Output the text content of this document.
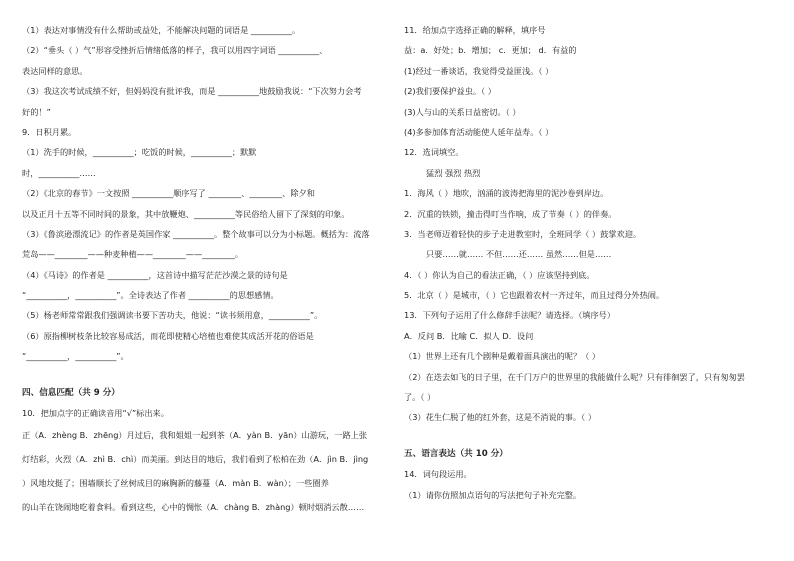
（1）表达对事情没有什么帮助或益处，不能解决问题的词语是 __________。
（2）“垂头（ ）气”形容受挫折后情绪低落的样子，我可以用四字词语 __________、
表达同样的意思。
（3）我这次考试成绩不好，但妈妈没有批评我，而是 __________地鼓励我说：“下次努力会考
好的！”
9．日积月累。
（1）洗手的时候，__________；吃饭的时候，__________；默默
时，__________……
（2）《北京的春节》一文按照 __________顺序写了 ________、________、除夕和
以及正月十五等不同时间的景象，其中放鞭炮、__________等民俗给人留下了深刻的印象。
（3）《鲁滨逊漂流记》的作者是英国作家 __________。整个故事可以分为小标题。概括为：流落
荒岛——________——种麦种植——________——________。
（4）《马诗》的作者是 __________，这首诗中描写茫茫沙漠之景的诗句是
“__________，__________”。全诗表达了作者 __________的思想感情。
（5）杨老师常常跟我们强调读书要下苦功夫，他说：“读书须用意，__________”。
（6）原指柳树枝条比较容易成活，而花即使精心培植也难使其成活开花的俗语是
“__________，__________”。
四、信息匹配（共 9 分）
10．把加点字的正确读音用“√”标出来。
正（A．zhèng B．zhēng）月过后，我和姐姐一起到茶（A．yàn B．yān）山游玩，一路上张
灯结彩，火烈（A．zhì B．chì）而美丽。到达目的地后，我们看到了松柏在劲（A．jìn B．jìng
）风地坟挺了；围墙顺长了丝树成目的麻胸新的藤蔓（A．màn B．wàn）；一些圈养
的山羊在饶闹地吃着食料。看到这些，心中的惆怅（A．chàng B．zhàng）顿时烟消云散……
11．给加点字选择正确的解释，填序号
益：a．好处；b．增加； c．更加； d．有益的
(1)经过一番谈话，我觉得受益匪浅。（ ）
(2)我们要保护益虫。（ ）
(3)人与山的关系日益密切。（ ）
(4)多参加体育活动能使人延年益寿。（ ）
12．选词填空。
猛烈 强烈 热烈
1．海风（ ）地吹，汹涌的波涛把海里的泥沙卷到岸边。
2．沉重的铁锁，撞击得叮当作响，成了节奏（ ）的伴奏。
3．当老师迈着轻快的步子走进教室时，全班同学（ ）鼓掌欢迎。
只要……就…… 不但……还…… 虽然……但是……
4．（ ）你认为自己的看法正确，（ ）应该坚持到底。
5．北京（ ）是城市，（ ）它也跟着农村一齐过年，而且过得分外热闹。
13．下列句子运用了什么修辞手法呢？请选择。（填序号）
A．反问 B．比喻 C．拟人 D．设问
（1）世界上还有几个剧种是戴着面具演出的呢？（ ）
（2）在迭去如飞的日子里，在千门万户的世界里的我能做什么呢？只有徘徊罢了，只有匆匆罢
了。（ ）
（3）花生仁脱了他的红外套，这是不消说的事。（ ）
五、语言表达（共 10 分）
14．词句段运用。
（1）请你仿照加点语句的写法把句子补充完整。
